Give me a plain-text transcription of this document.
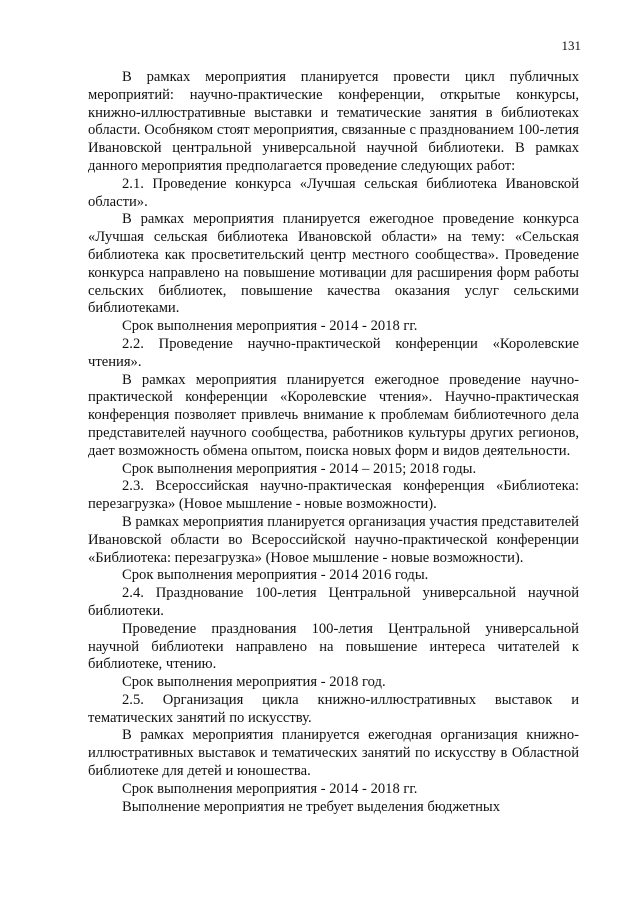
131

В рамках мероприятия планируется провести цикл публичных мероприятий: научно-практические конференции, открытые конкурсы, книжно-иллюстративные выставки и тематические занятия в библиотеках области. Особняком стоят мероприятия, связанные с празднованием 100-летия Ивановской центральной универсальной научной библиотеки. В рамках данного мероприятия предполагается проведение следующих работ:

2.1. Проведение конкурса «Лучшая сельская библиотека Ивановской области».

В рамках мероприятия планируется ежегодное проведение конкурса «Лучшая сельская библиотека Ивановской области» на тему: «Сельская библиотека как просветительский центр местного сообщества». Проведение конкурса направлено на повышение мотивации для расширения форм работы сельских библиотек, повышение качества оказания услуг сельскими библиотеками.

Срок выполнения мероприятия - 2014 - 2018 гг.

2.2. Проведение научно-практической конференции «Королевские чтения».

В рамках мероприятия планируется ежегодное проведение научно-практической конференции «Королевские чтения». Научно-практическая конференция позволяет привлечь внимание к проблемам библиотечного дела представителей научного сообщества, работников культуры других регионов, дает возможность обмена опытом, поиска новых форм и видов деятельности.

Срок выполнения мероприятия - 2014 – 2015; 2018 годы.

2.3. Всероссийская научно-практическая конференция «Библиотека: перезагрузка» (Новое мышление - новые возможности).

В рамках мероприятия планируется организация участия представителей Ивановской области во Всероссийской научно-практической конференции «Библиотека: перезагрузка» (Новое мышление - новые возможности).

Срок выполнения мероприятия - 2014 2016 годы.

2.4. Празднование 100-летия Центральной универсальной научной библиотеки.

Проведение празднования 100-летия Центральной универсальной научной библиотеки направлено на повышение интереса читателей к библиотеке, чтению.

Срок выполнения мероприятия - 2018 год.

2.5. Организация цикла книжно-иллюстративных выставок и тематических занятий по искусству.

В рамках мероприятия планируется ежегодная организация книжно-иллюстративных выставок и тематических занятий по искусству в Областной библиотеке для детей и юношества.

Срок выполнения мероприятия - 2014 - 2018 гг.

Выполнение мероприятия не требует выделения бюджетных
